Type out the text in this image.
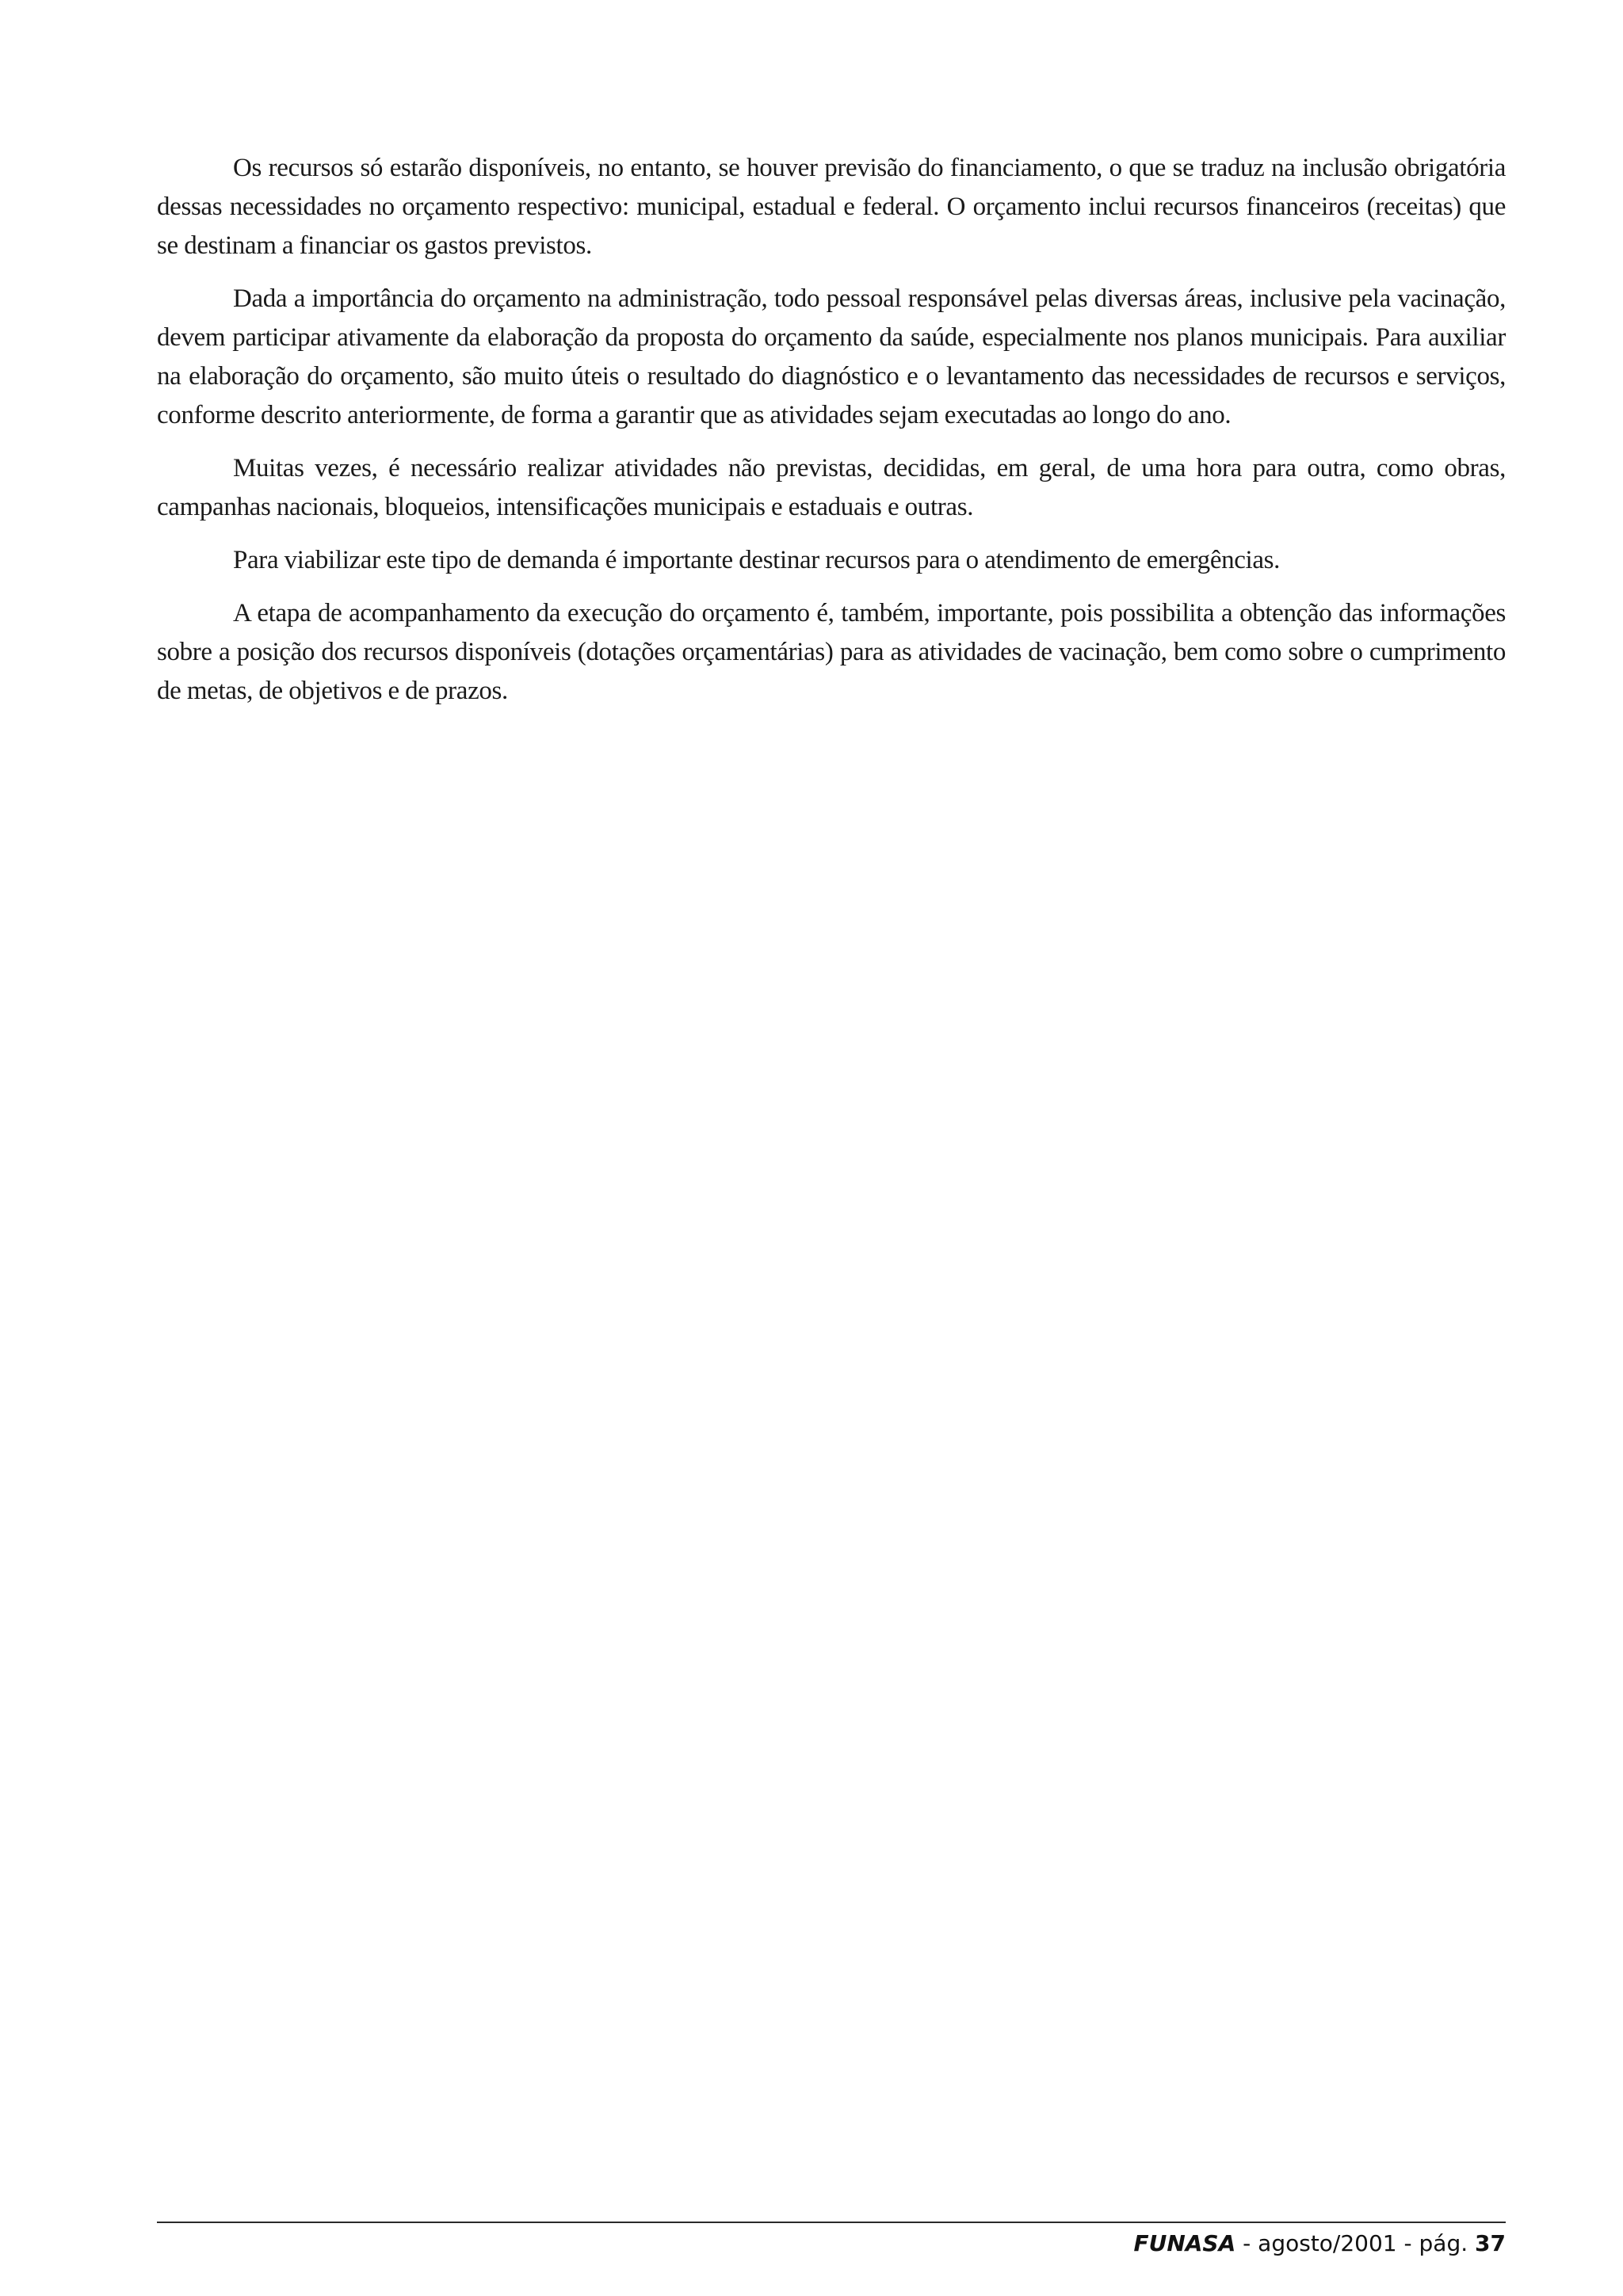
Os recursos só estarão disponíveis, no entanto, se houver previsão do financiamento, o que se traduz na inclusão obrigatória dessas necessidades no orçamento respectivo: municipal, estadual e federal. O orçamento inclui recursos financeiros (receitas) que se destinam a financiar os gastos previstos.

Dada a importância do orçamento na administração, todo pessoal responsável pelas diversas áreas, inclusive pela vacinação, devem participar ativamente da elaboração da proposta do orçamento da saúde, especialmente nos planos municipais. Para auxiliar na elaboração do orçamento, são muito úteis o resultado do diagnóstico e o levantamento das necessidades de recursos e serviços, conforme descrito anteriormente, de forma a garantir que as atividades sejam executadas ao longo do ano.

Muitas vezes, é necessário realizar atividades não previstas, decididas, em geral, de uma hora para outra, como obras, campanhas nacionais, bloqueios, intensificações municipais e estaduais e outras.

Para viabilizar este tipo de demanda é importante destinar recursos para o atendimento de emergências.

A etapa de acompanhamento da execução do orçamento é, também, importante, pois possibilita a obtenção das informações sobre a posição dos recursos disponíveis (dotações orçamentárias) para as atividades de vacinação, bem como sobre o cumprimento de metas, de objetivos e de prazos.

FUNASA - agosto/2001 - pág. 37
